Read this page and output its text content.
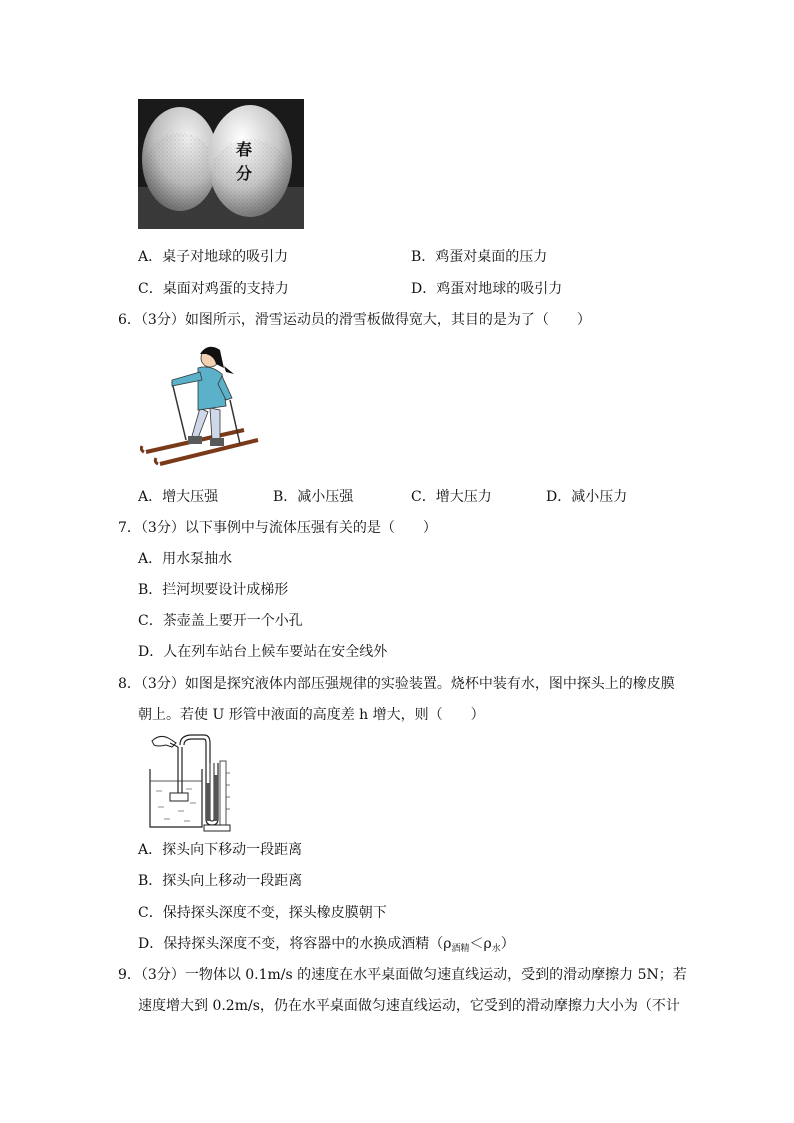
春
分
A．桌子对地球的吸引力	B．鸡蛋对桌面的压力
C．桌面对鸡蛋的支持力	D．鸡蛋对地球的吸引力
6．（3分）如图所示，滑雪运动员的滑雪板做得宽大，其目的是为了（　　）
A．增大压强	B．减小压强	C．增大压力	D．减小压力
7．（3分）以下事例中与流体压强有关的是（　　）
A．用水泵抽水
B．拦河坝要设计成梯形
C．茶壶盖上要开一个小孔
D．人在列车站台上候车要站在安全线外
8．（3分）如图是探究液体内部压强规律的实验装置。烧杯中装有水，图中探头上的橡皮膜
朝上。若使 U 形管中液面的高度差 h 增大，则（　　）
A．探头向下移动一段距离
B．探头向上移动一段距离
C．保持探头深度不变，探头橡皮膜朝下
D．保持探头深度不变，将容器中的水换成酒精$(\rho_{酒精}<\rho_水)$
9．（3分）一物体以 0.1m/s 的速度在水平桌面做匀速直线运动，受到的滑动摩擦力 5N；若
速度增大到 0.2m/s，仍在水平桌面做匀速直线运动，它受到的滑动摩擦力大小为（不计
